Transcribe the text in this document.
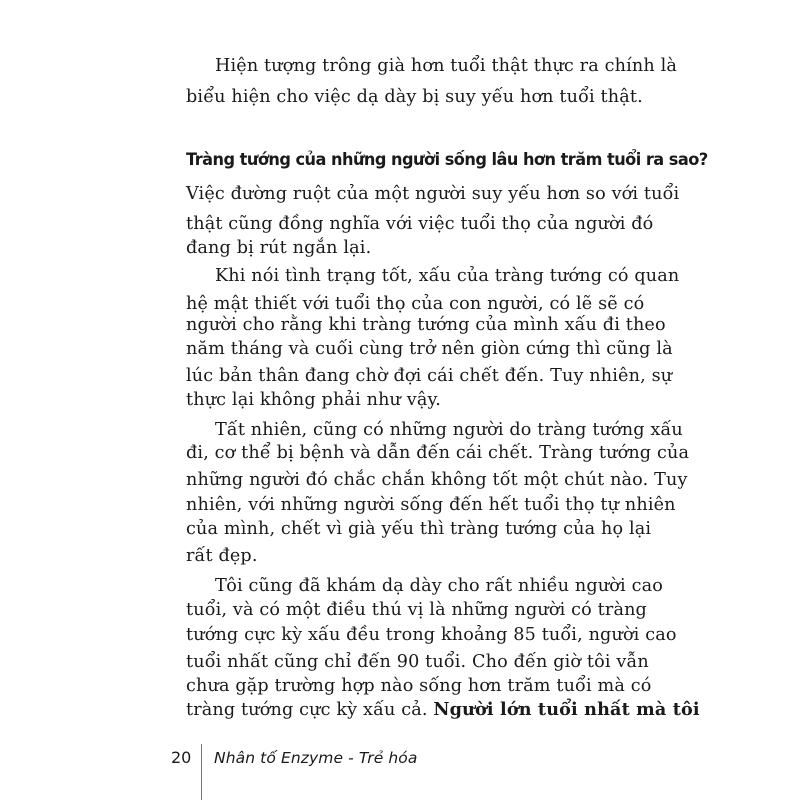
Hiện tượng trông già hơn tuổi thật thực ra chính là
biểu hiện cho việc dạ dày bị suy yếu hơn tuổi thật.
Tràng tướng của những người sống lâu hơn trăm tuổi ra sao?
Việc đường ruột của một người suy yếu hơn so với tuổi
thật cũng đồng nghĩa với việc tuổi thọ của người đó
đang bị rút ngắn lại.
Khi nói tình trạng tốt, xấu của tràng tướng có quan
hệ mật thiết với tuổi thọ của con người, có lẽ sẽ có
người cho rằng khi tràng tướng của mình xấu đi theo
năm tháng và cuối cùng trở nên giòn cứng thì cũng là
lúc bản thân đang chờ đợi cái chết đến. Tuy nhiên, sự
thực lại không phải như vậy.
Tất nhiên, cũng có những người do tràng tướng xấu
đi, cơ thể bị bệnh và dẫn đến cái chết. Tràng tướng của
những người đó chắc chắn không tốt một chút nào. Tuy
nhiên, với những người sống đến hết tuổi thọ tự nhiên
của mình, chết vì già yếu thì tràng tướng của họ lại
rất đẹp.
Tôi cũng đã khám dạ dày cho rất nhiều người cao
tuổi, và có một điều thú vị là những người có tràng
tướng cực kỳ xấu đều trong khoảng 85 tuổi, người cao
tuổi nhất cũng chỉ đến 90 tuổi. Cho đến giờ tôi vẫn
chưa gặp trường hợp nào sống hơn trăm tuổi mà có
tràng tướng cực kỳ xấu cả. Người lớn tuổi nhất mà tôi
20 Nhân tố Enzyme - Trẻ hóa
